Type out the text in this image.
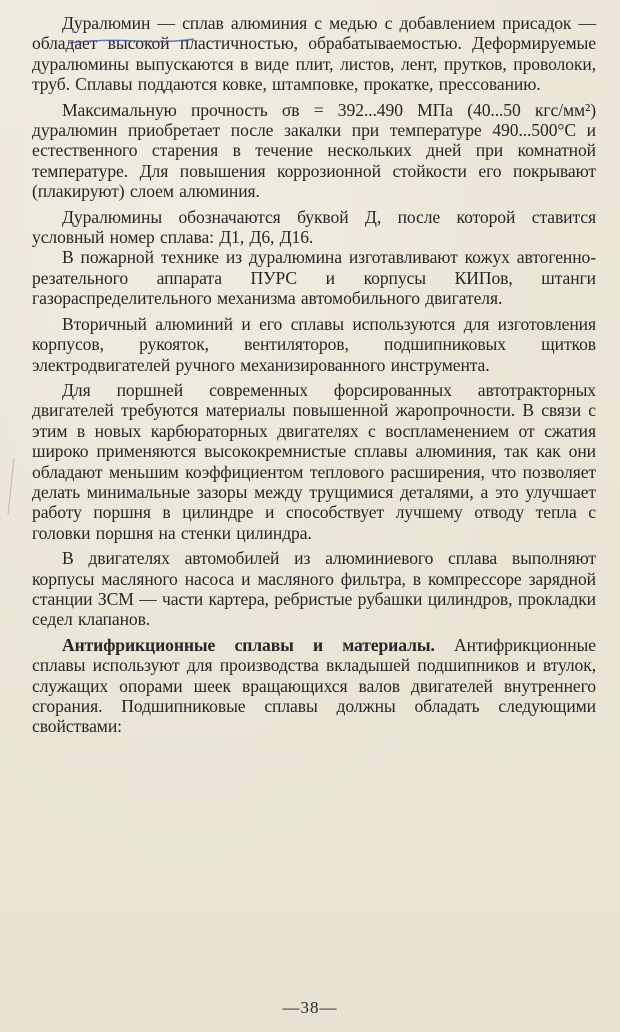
Дуралюмин — сплав алюминия с медью с добавлением присадок — обладает высокой пластичностью, обрабатываемостью. Деформируемые дуралюмины выпускаются в виде плит, листов, лент, прутков, проволоки, труб. Сплавы поддаются ковке, штамповке, прокатке, прессованию.

Максимальную прочность σв = 392...490 МПа (40...50 кгс/мм²) дуралюмин приобретает после закалки при температуре 490...500°С и естественного старения в течение нескольких дней при комнатной температуре. Для повышения коррозионной стойкости его покрывают (плакируют) слоем алюминия.

Дуралюмины обозначаются буквой Д, после которой ставится условный номер сплава: Д1, Д6, Д16.

В пожарной технике из дуралюмина изготавливают кожух автогенно-резательного аппарата ПУРС и корпусы КИПов, штанги газораспределительного механизма автомобильного двигателя.

Вторичный алюминий и его сплавы используются для изготовления корпусов, рукояток, вентиляторов, подшипниковых щитков электродвигателей ручного механизированного инструмента.

Для поршней современных форсированных автотракторных двигателей требуются материалы повышенной жаропрочности. В связи с этим в новых карбюраторных двигателях с воспламенением от сжатия широко применяются высококремнистые сплавы алюминия, так как они обладают меньшим коэффициентом теплового расширения, что позволяет делать минимальные зазоры между трущимися деталями, а это улучшает работу поршня в цилиндре и способствует лучшему отводу тепла с головки поршня на стенки цилиндра.

В двигателях автомобилей из алюминиевого сплава выполняют корпусы масляного насоса и масляного фильтра, в компрессоре зарядной станции ЗСМ — части картера, ребристые рубашки цилиндров, прокладки седел клапанов.

Антифрикционные сплавы и материалы. Антифрикционные сплавы используют для производства вкладышей подшипников и втулок, служащих опорами шеек вращающихся валов двигателей внутреннего сгорания. Подшипниковые сплавы должны обладать следующими свойствами:

—38—
